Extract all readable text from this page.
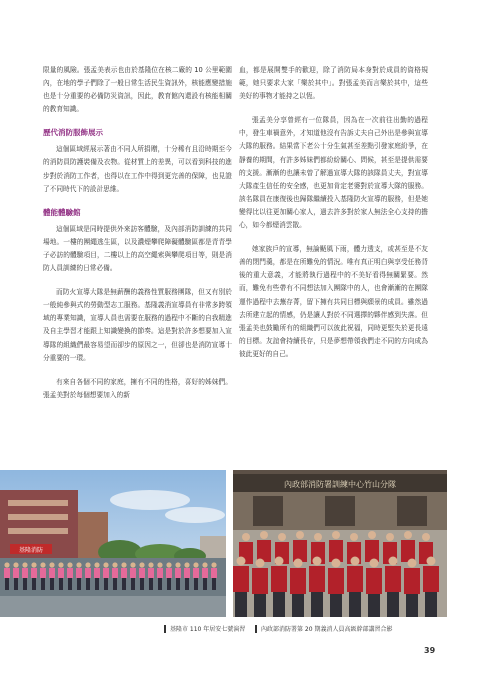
限量的風險。張孟美表示也由於基隆位在核二廠的 10 公里範圍內，在地的學子們除了一般日常生活民生資訊外，核能應變措施也是十分重要的必備防災資訊，因此，教育館內還設有核能相關的教育知識。

歷代消防服飾展示

這個區域經展示著由不同人所捐贈，十分稀有且沿時期至今的消防員防護裝備及衣物。從材質上的差異，可以看到科技的進步對於消防工作者，也得以在工作中得到更完善的保障，也見證了不同時代下的設計思維。

體能體驗館

這個區域是同時提供外來訪客體驗，及內部消防訓練的共同場地。一樓的團繩逃生區，以及濃煙攀爬障礙體驗區都是青青學子必訪的體驗項目，二樓以上的高空繩索與攀爬項目等，則是消防人員訓練的日常必備。

而防火宣導大隊是無薪酬的義務性質服務團隊，但又有別於一般純參與式的勞動型志工服務。基隆義消宣導員有非常多跨領域的專業知識，宣導人員也需要在服務的過程中不斷的自我精進及自主學習才能跟上知識變換的節奏。這是對於許多想要加入宣導隊的組織們最容易望而卻步的原因之一，但卻也是消防宣導十分重要的一環。

有來自各個不同的家庭，擁有不同的性格，喜好的姊妹們。張孟美對於每個想要加入的新

血，都是展開雙手的歡迎，除了消防局本身對於成員的資格規範，她只要求大家「樂於其中」。對張孟美而言樂於其中，這些美好的事物才能持之以恆。

張孟美分享曾經有一位隊員，因為在一次前往出勤的過程中，發生車禍意外，才知道他沒有告訴丈夫自己外出是參與宣導大隊的服務。結果當下老公十分生氣甚至差點引發家庭紛爭，在靜養的期間，有許多姊妹們都紛紛關心、問候，甚至是提供需要的支援。漸漸的也讓未曾了解過宣導大隊的該隊員丈夫，對宣導大隊產生信任的安全感，也更加肯定老婆對於宣導大隊的服務。該名隊員在康復後也歸隊繼續投入基隆防火宣導的服務，但是她變得比以往更加關心家人，過去許多對於家人無法全心支持的擔心，如今都煙消雲散。

她家族戶的宣導，無論颳風下雨，體力透支，或甚至是不友善的閉門羹，都是在所難免的情況。唯有真正明白與享受任務背後的重大意義，才能將執行過程中的不美好看得無關緊要。然而，難免有些帶有不同想法加入團隊中的人，也會漸漸的在團隊運作過程中去蕪存菁，留下擁有共同目標與願景的成員。雖然過去所建立起的情感，仍是讓人對於不同選擇的夥伴感到失落。但張孟美也鼓勵所有的組織們可以彼此祝福，同時更堅失於更長遠的目標。友誼會持續長存，只是夢想帶領我們走不同的方向成為彼此更好的自己。

基隆消防
內政部消防署訓練中心竹山分隊
基隆市 110 年居安七號演習	內政部消防署第 20 期義消人員高級幹部講習合影
39
